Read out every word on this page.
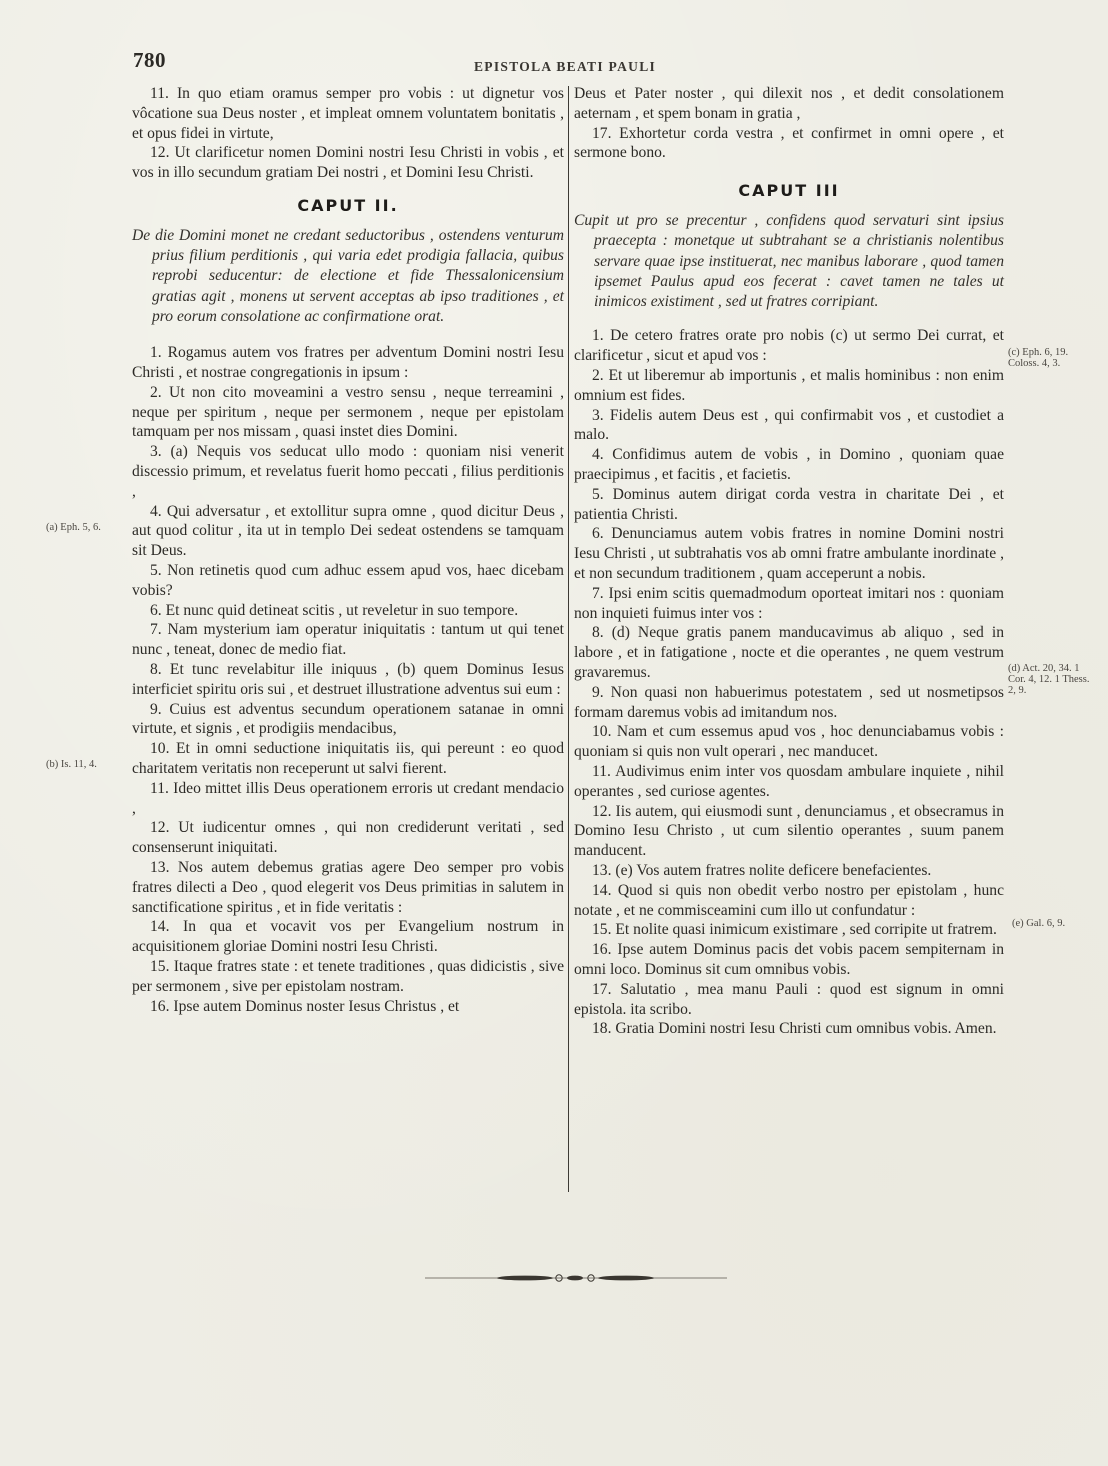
780	EPISTOLA BEATI PAULI

11. In quo etiam oramus semper pro vobis : ut dignetur vos vôcatione sua Deus noster , et impleat omnem voluntatem bonitatis , et opus fidei in virtute,

12. Ut clarificetur nomen Domini nostri Iesu Christi in vobis , et vos in illo secundum gratiam Dei nostri , et Domini Iesu Christi.

CAPUT II.

De die Domini monet ne credant seductoribus , ostendens venturum prius filium perditionis , qui varia edet prodigia fallacia, quibus reprobi seducentur: de electione et fide Thessalonicensium gratias agit , monens ut servent acceptas ab ipso traditiones , et pro eorum consolatione ac confirmatione orat.

1. Rogamus autem vos fratres per adventum Domini nostri Iesu Christi , et nostrae congregationis in ipsum :

2. Ut non cito moveamini a vestro sensu , neque terreamini , neque per spiritum , neque per sermonem , neque per epistolam tamquam per nos missam , quasi instet dies Domini.

3. (a) Nequis vos seducat ullo modo : quoniam nisi venerit discessio primum, et revelatus fuerit homo peccati , filius perditionis ,

4. Qui adversatur , et extollitur supra omne , quod dicitur Deus , aut quod colitur , ita ut in templo Dei sedeat ostendens se tamquam sit Deus.

5. Non retinetis quod cum adhuc essem apud vos, haec dicebam vobis?

6. Et nunc quid detineat scitis , ut reveletur in suo tempore.

7. Nam mysterium iam operatur iniquitatis : tantum ut qui tenet nunc , teneat, donec de medio fiat.

8. Et tunc revelabitur ille iniquus , (b) quem Dominus Iesus interficiet spiritu oris sui , et destruet illustratione adventus sui eum :

9. Cuius est adventus secundum operationem satanae in omni virtute, et signis , et prodigiis mendacibus,

10. Et in omni seductione iniquitatis iis, qui pereunt : eo quod charitatem veritatis non receperunt ut salvi fierent.

11. Ideo mittet illis Deus operationem erroris ut credant mendacio ,

12. Ut iudicentur omnes , qui non crediderunt veritati , sed consenserunt iniquitati.

13. Nos autem debemus gratias agere Deo semper pro vobis fratres dilecti a Deo , quod elegerit vos Deus primitias in salutem in sanctificatione spiritus , et in fide veritatis :

14. In qua et vocavit vos per Evangelium nostrum in acquisitionem gloriae Domini nostri Iesu Christi.

15. Itaque fratres state : et tenete traditiones , quas didicistis , sive per sermonem , sive per epistolam nostram.

16. Ipse autem Dominus noster Iesus Christus , et

Deus et Pater noster , qui dilexit nos , et dedit consolationem aeternam , et spem bonam in gratia ,

17. Exhortetur corda vestra , et confirmet in omni opere , et sermone bono.

CAPUT III

Cupit ut pro se precentur , confidens quod servaturi sint ipsius praecepta : monetque ut subtrahant se a christianis nolentibus servare quae ipse instituerat, nec manibus laborare , quod tamen ipsemet Paulus apud eos fecerat : cavet tamen ne tales ut inimicos existiment , sed ut fratres corripiant.

1. De cetero fratres orate pro nobis (c) ut sermo Dei currat, et clarificetur , sicut et apud vos :

2. Et ut liberemur ab importunis , et malis hominibus : non enim omnium est fides.

3. Fidelis autem Deus est , qui confirmabit vos , et custodiet a malo.

4. Confidimus autem de vobis , in Domino , quoniam quae praecipimus , et facitis , et facietis.

5. Dominus autem dirigat corda vestra in charitate Dei , et patientia Christi.

6. Denunciamus autem vobis fratres in nomine Domini nostri Iesu Christi , ut subtrahatis vos ab omni fratre ambulante inordinate , et non secundum traditionem , quam acceperunt a nobis.

7. Ipsi enim scitis quemadmodum oporteat imitari nos : quoniam non inquieti fuimus inter vos :

8. (d) Neque gratis panem manducavimus ab aliquo , sed in labore , et in fatigatione , nocte et die operantes , ne quem vestrum gravaremus.

9. Non quasi non habuerimus potestatem , sed ut nosmetipsos formam daremus vobis ad imitandum nos.

10. Nam et cum essemus apud vos , hoc denunciabamus vobis : quoniam si quis non vult operari , nec manducet.

11. Audivimus enim inter vos quosdam ambulare inquiete , nihil operantes , sed curiose agentes.

12. Iis autem, qui eiusmodi sunt , denunciamus , et obsecramus in Domino Iesu Christo , ut cum silentio operantes , suum panem manducent.

13. (e) Vos autem fratres nolite deficere benefacientes.

14. Quod si quis non obedit verbo nostro per epistolam , hunc notate , et ne commisceamini cum illo ut confundatur :

15. Et nolite quasi inimicum existimare , sed corripite ut fratrem.

16. Ipse autem Dominus pacis det vobis pacem sempiternam in omni loco. Dominus sit cum omnibus vobis.

17. Salutatio , mea manu Pauli : quod est signum in omni epistola. ita scribo.

18. Gratia Domini nostri Iesu Christi cum omnibus vobis. Amen.

(a) Eph. 5, 6.
(b) Is. 11, 4.
(c) Eph. 6, 19. Coloss. 4, 3.
(d) Act. 20, 34. 1 Cor. 4, 12. 1 Thess. 2, 9.
(e) Gal. 6, 9.
